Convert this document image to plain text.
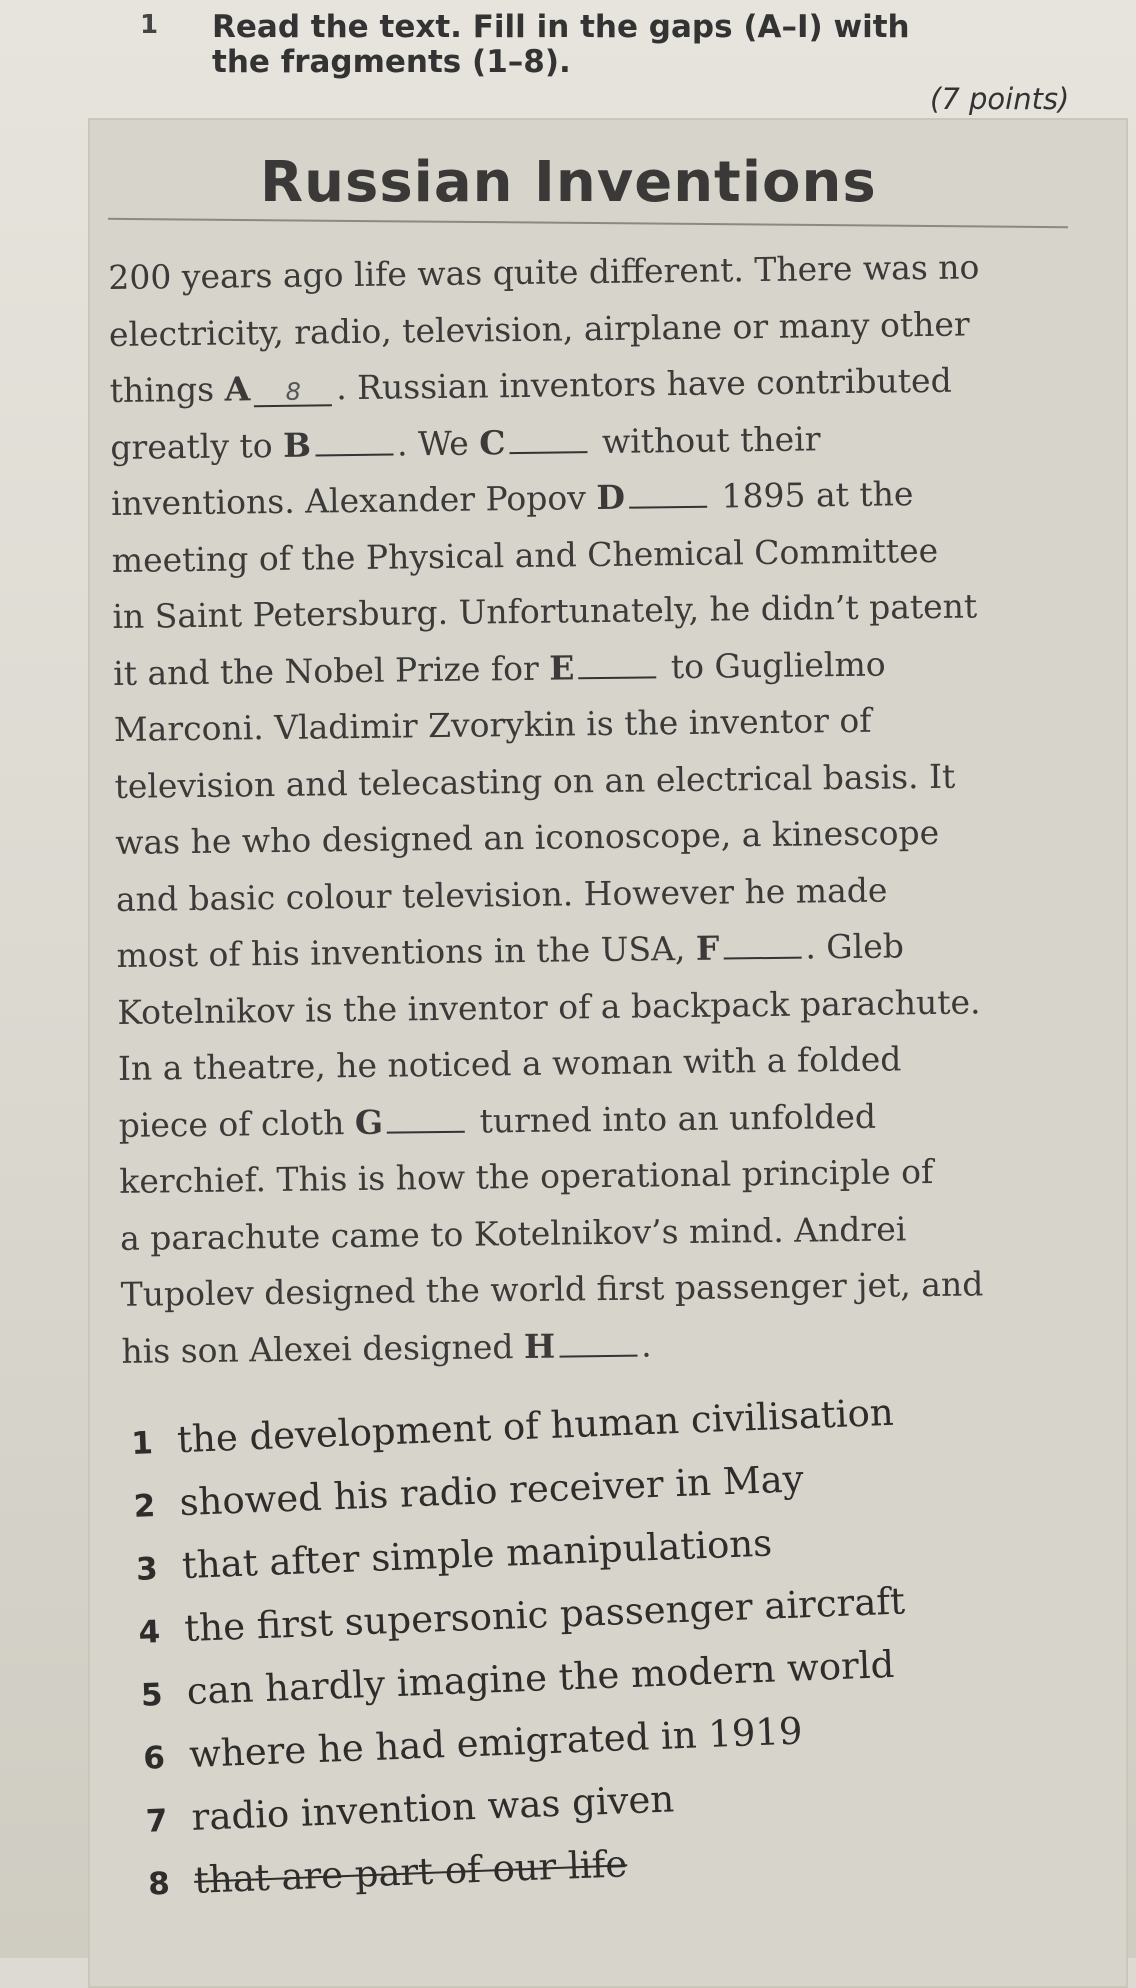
1 Read the text. Fill in the gaps (A–I) with the fragments (1–8).
(7 points)
Russian Inventions
200 years ago life was quite different. There was no
electricity, radio, television, airplane or many other
things A 8 . Russian inventors have contributed
greatly to B	. We C	without their
inventions. Alexander Popov D	1895 at the
meeting of the Physical and Chemical Committee
in Saint Petersburg. Unfortunately, he didn’t patent
it and the Nobel Prize for E	to Guglielmo
Marconi. Vladimir Zvorykin is the inventor of
television and telecasting on an electrical basis. It
was he who designed an iconoscope, a kinescope
and basic colour television. However he made
most of his inventions in the USA, F	. Gleb
Kotelnikov is the inventor of a backpack parachute.
In a theatre, he noticed a woman with a folded
piece of cloth G	turned into an unfolded
kerchief. This is how the operational principle of
a parachute came to Kotelnikov’s mind. Andrei
Tupolev designed the world first passenger jet, and
his son Alexei designed H	.
1 the development of human civilisation
2 showed his radio receiver in May
3 that after simple manipulations
4 the first supersonic passenger aircraft
5 can hardly imagine the modern world
6 where he had emigrated in 1919
7 radio invention was given
8 that are part of our life
